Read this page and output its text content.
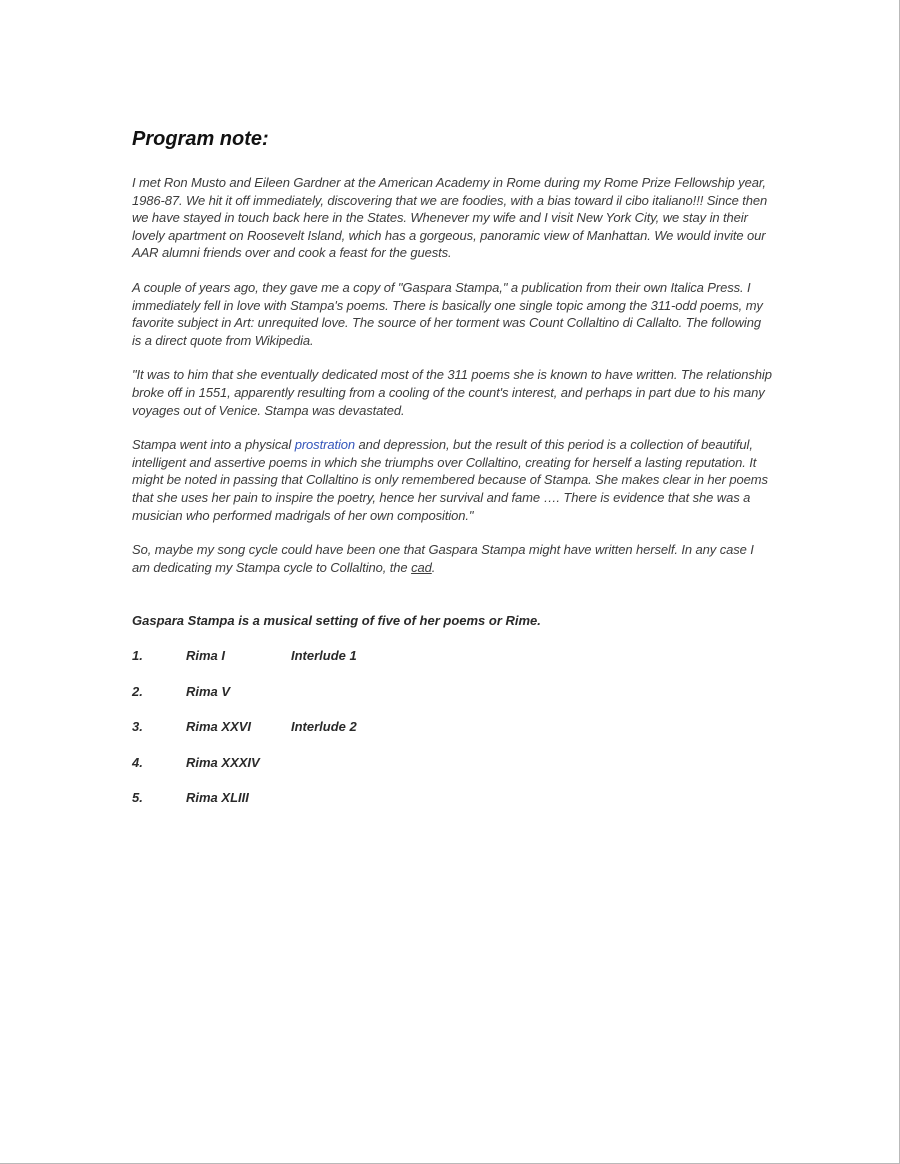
Program note:

I met Ron Musto and Eileen Gardner at the American Academy in Rome during my Rome Prize Fellowship year, 1986-87. We hit it off immediately, discovering that we are foodies, with a bias toward il cibo italiano!!! Since then we have stayed in touch back here in the States. Whenever my wife and I visit New York City, we stay in their lovely apartment on Roosevelt Island, which has a gorgeous, panoramic view of Manhattan. We would invite our AAR alumni friends over and cook a feast for the guests.

A couple of years ago, they gave me a copy of "Gaspara Stampa," a publication from their own Italica Press. I immediately fell in love with Stampa's poems. There is basically one single topic among the 311-odd poems, my favorite subject in Art: unrequited love. The source of her torment was Count Collaltino di Callalto. The following is a direct quote from Wikipedia.

"It was to him that she eventually dedicated most of the 311 poems she is known to have written. The relationship broke off in 1551, apparently resulting from a cooling of the count's interest, and perhaps in part due to his many voyages out of Venice. Stampa was devastated.

Stampa went into a physical prostration and depression, but the result of this period is a collection of beautiful, intelligent and assertive poems in which she triumphs over Collaltino, creating for herself a lasting reputation. It might be noted in passing that Collaltino is only remembered because of Stampa. She makes clear in her poems that she uses her pain to inspire the poetry, hence her survival and fame …. There is evidence that she was a musician who performed madrigals of her own composition."

So, maybe my song cycle could have been one that Gaspara Stampa might have written herself. In any case I am dedicating my Stampa cycle to Collaltino, the cad.

Gaspara Stampa is a musical setting of five of her poems or Rime.

1.	Rima I	Interlude 1
2.	Rima V
3.	Rima XXVI	Interlude 2
4.	Rima XXXIV
5.	Rima XLIII
